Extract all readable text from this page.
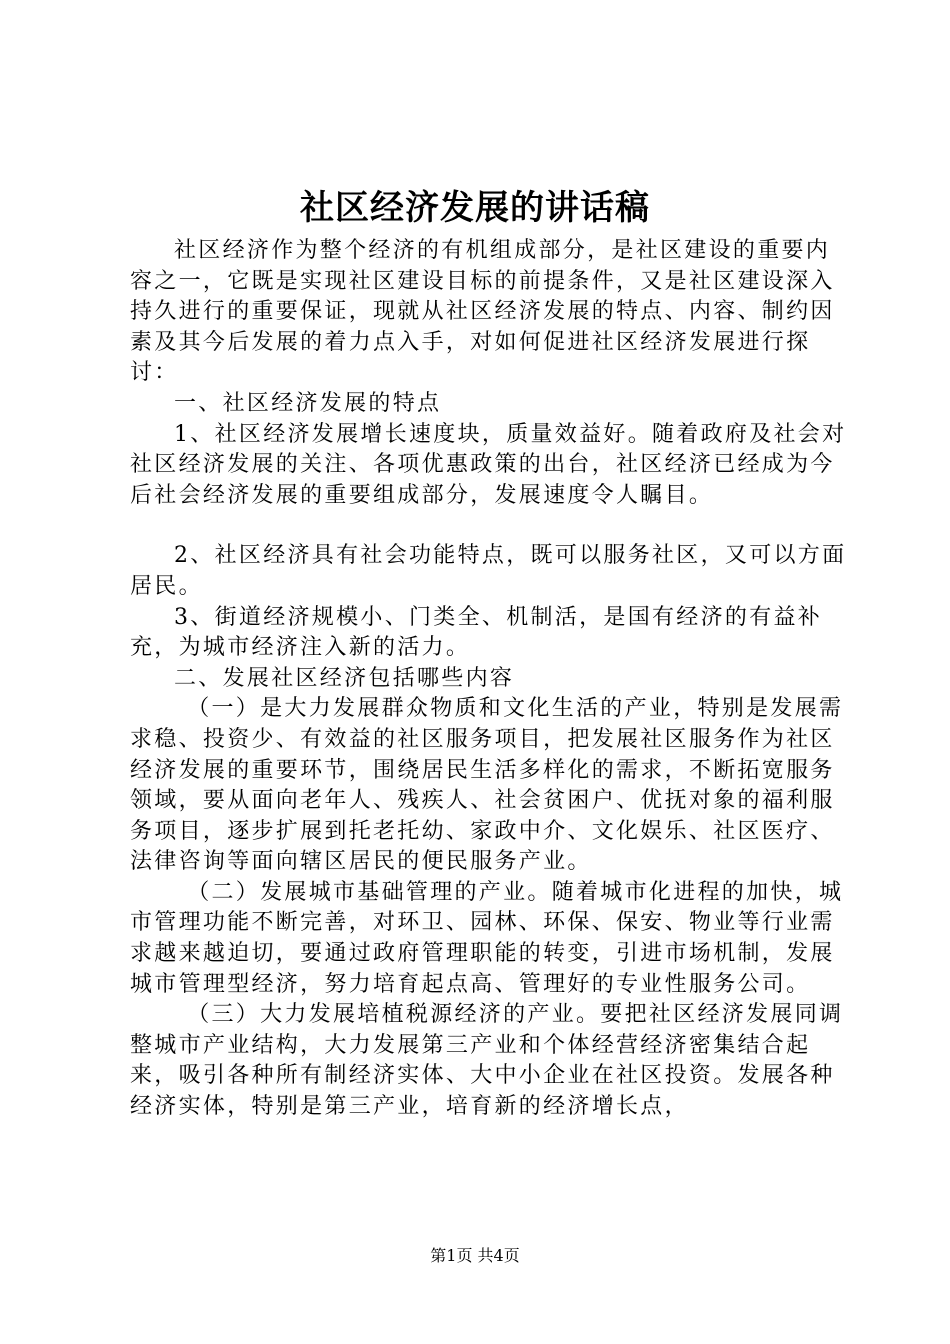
社区经济发展的讲话稿

社区经济作为整个经济的有机组成部分，是社区建设的重要内容之一，它既是实现社区建设目标的前提条件，又是社区建设深入持久进行的重要保证，现就从社区经济发展的特点、内容、制约因素及其今后发展的着力点入手，对如何促进社区经济发展进行探讨：

一、社区经济发展的特点

1、社区经济发展增长速度块，质量效益好。随着政府及社会对社区经济发展的关注、各项优惠政策的出台，社区经济已经成为今后社会经济发展的重要组成部分，发展速度令人瞩目。

2、社区经济具有社会功能特点，既可以服务社区，又可以方面居民。

3、街道经济规模小、门类全、机制活，是国有经济的有益补充，为城市经济注入新的活力。

二、发展社区经济包括哪些内容

（一）是大力发展群众物质和文化生活的产业，特别是发展需求稳、投资少、有效益的社区服务项目，把发展社区服务作为社区经济发展的重要环节，围绕居民生活多样化的需求，不断拓宽服务领域，要从面向老年人、残疾人、社会贫困户、优抚对象的福利服务项目，逐步扩展到托老托幼、家政中介、文化娱乐、社区医疗、法律咨询等面向辖区居民的便民服务产业。

（二）发展城市基础管理的产业。随着城市化进程的加快，城市管理功能不断完善，对环卫、园林、环保、保安、物业等行业需求越来越迫切，要通过政府管理职能的转变，引进市场机制，发展城市管理型经济，努力培育起点高、管理好的专业性服务公司。

（三）大力发展培植税源经济的产业。要把社区经济发展同调整城市产业结构，大力发展第三产业和个体经营经济密集结合起来，吸引各种所有制经济实体、大中小企业在社区投资。发展各种经济实体，特别是第三产业，培育新的经济增长点，

第1页 共4页
